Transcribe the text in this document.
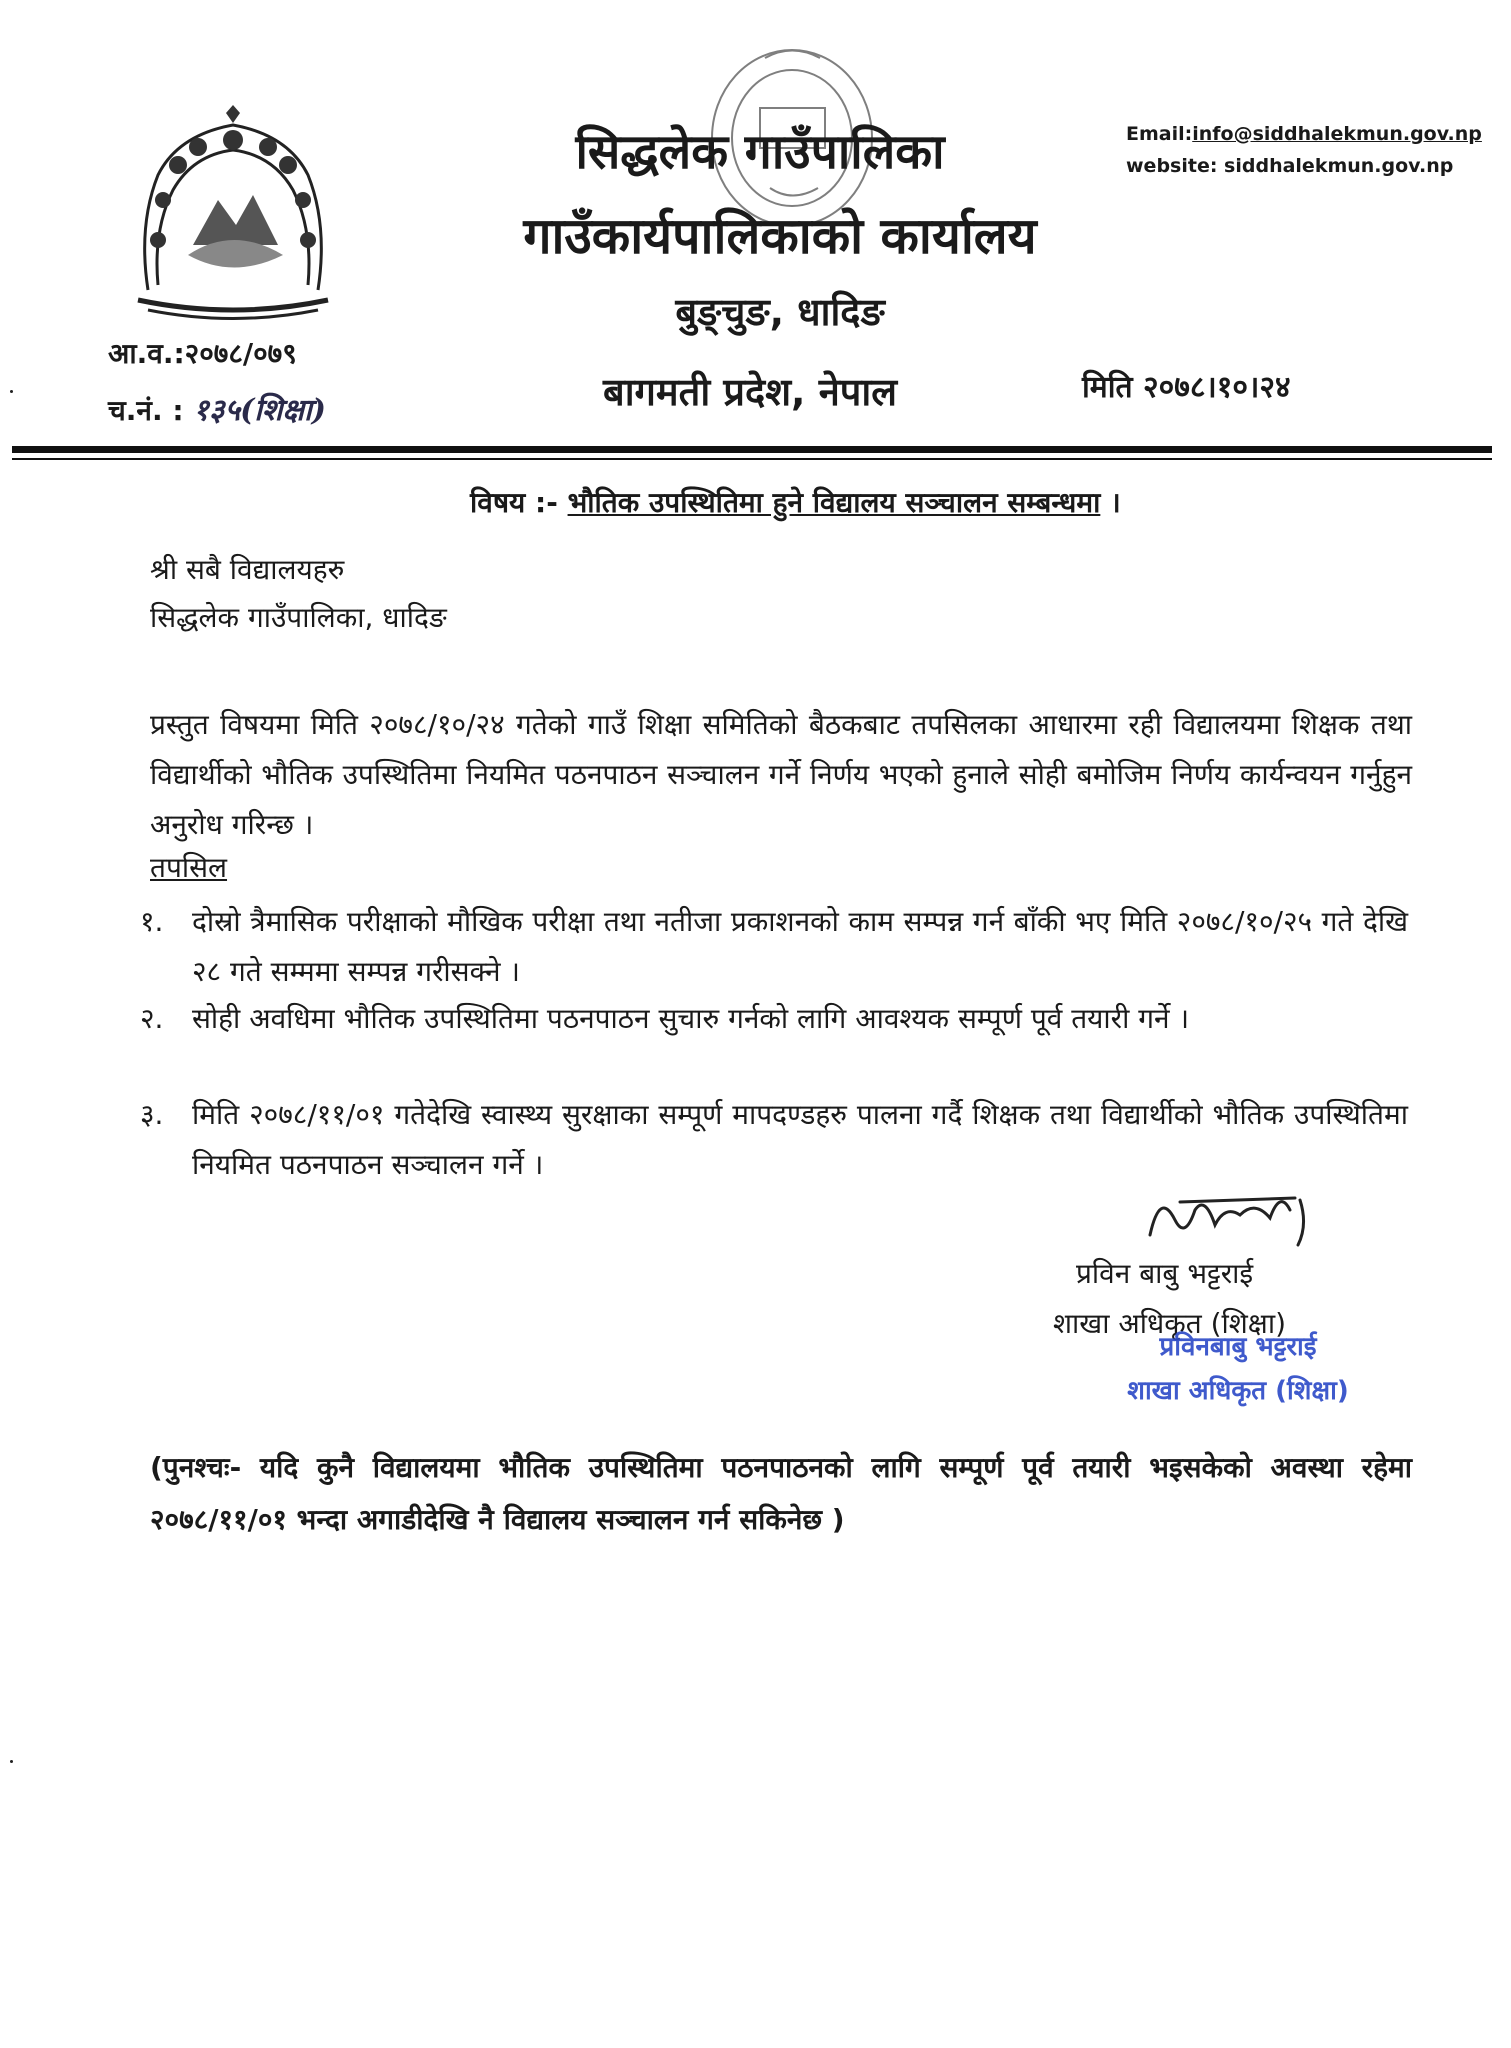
सिद्धलेक गाउँपालिका
गाउँकार्यपालिकाको कार्यालय
बुङ्चुङ, धादिङ
बागमती प्रदेश, नेपाल
Email:info@siddhalekmun.gov.np
website: siddhalekmun.gov.np
आ.व.:२०७८/०७९
च.नं. : १३५(शिक्षा)
मिति २०७८।१०।२४
विषय :- भौतिक उपस्थितिमा हुने विद्यालय सञ्चालन सम्बन्धमा ।
श्री सबै विद्यालयहरु
सिद्धलेक गाउँपालिका, धादिङ
प्रस्तुत विषयमा मिति २०७८/१०/२४ गतेको गाउँ शिक्षा समितिको बैठकबाट तपसिलका आधारमा रही विद्यालयमा शिक्षक तथा विद्यार्थीको भौतिक उपस्थितिमा नियमित पठनपाठन सञ्चालन गर्ने निर्णय भएको हुनाले सोही बमोजिम निर्णय कार्यन्वयन गर्नुहुन अनुरोध गरिन्छ ।
तपसिल
१. दोस्रो त्रैमासिक परीक्षाको मौखिक परीक्षा तथा नतीजा प्रकाशनको काम सम्पन्न गर्न बाँकी भए मिति २०७८/१०/२५ गते देखि २८ गते सम्ममा सम्पन्न गरीसक्ने ।
२. सोही अवधिमा भौतिक उपस्थितिमा पठनपाठन सुचारु गर्नको लागि आवश्यक सम्पूर्ण पूर्व तयारी गर्ने ।
३. मिति २०७८/११/०१ गतेदेखि स्वास्थ्य सुरक्षाका सम्पूर्ण मापदण्डहरु पालना गर्दै शिक्षक तथा विद्यार्थीको भौतिक उपस्थितिमा नियमित पठनपाठन सञ्चालन गर्ने ।
प्रविन बाबु भट्टराई
शाखा अधिकृत (शिक्षा)
प्रविनबाबु भट्टराई
शाखा अधिकृत (शिक्षा)
(पुनश्चः- यदि कुनै विद्यालयमा भौतिक उपस्थितिमा पठनपाठनको लागि सम्पूर्ण पूर्व तयारी भइसकेको अवस्था रहेमा २०७८/११/०१ भन्दा अगाडीदेखि नै विद्यालय सञ्चालन गर्न सकिनेछ )
